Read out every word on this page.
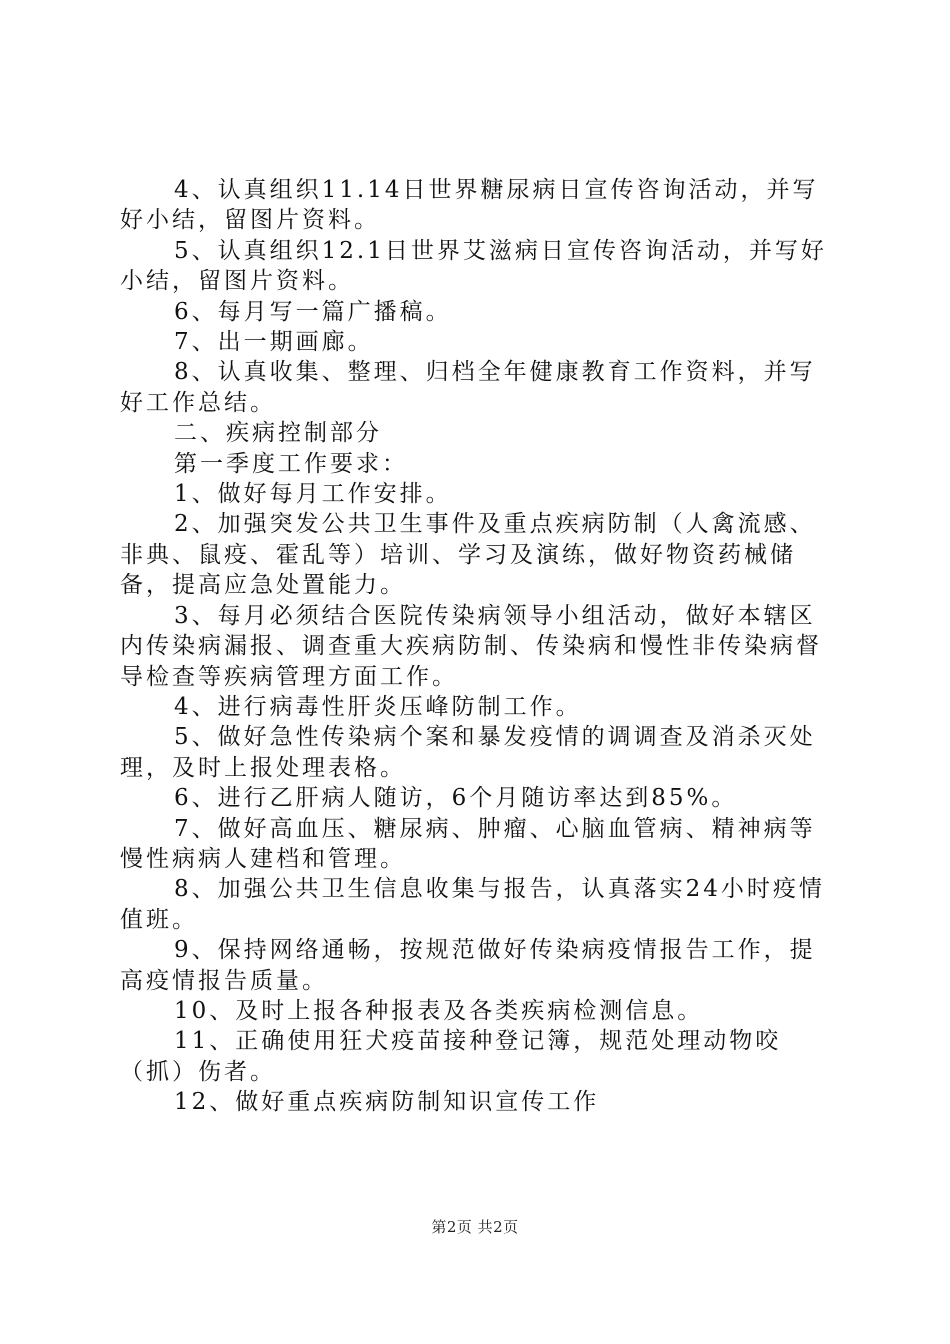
4、认真组织11.14日世界糖尿病日宣传咨询活动，并写好小结，留图片资料。

5、认真组织12.1日世界艾滋病日宣传咨询活动，并写好小结，留图片资料。

6、每月写一篇广播稿。

7、出一期画廊。

8、认真收集、整理、归档全年健康教育工作资料，并写好工作总结。

二、疾病控制部分

第一季度工作要求：

1、做好每月工作安排。

2、加强突发公共卫生事件及重点疾病防制（人禽流感、非典、鼠疫、霍乱等）培训、学习及演练，做好物资药械储备，提高应急处置能力。

3、每月必须结合医院传染病领导小组活动，做好本辖区内传染病漏报、调查重大疾病防制、传染病和慢性非传染病督导检查等疾病管理方面工作。

4、进行病毒性肝炎压峰防制工作。

5、做好急性传染病个案和暴发疫情的调调查及消杀灭处理，及时上报处理表格。

6、进行乙肝病人随访，6个月随访率达到85%。

7、做好高血压、糖尿病、肿瘤、心脑血管病、精神病等慢性病病人建档和管理。

8、加强公共卫生信息收集与报告，认真落实24小时疫情值班。

9、保持网络通畅，按规范做好传染病疫情报告工作，提高疫情报告质量。

10、及时上报各种报表及各类疾病检测信息。

11、正确使用狂犬疫苗接种登记簿，规范处理动物咬（抓）伤者。

12、做好重点疾病防制知识宣传工作

第2页 共2页
